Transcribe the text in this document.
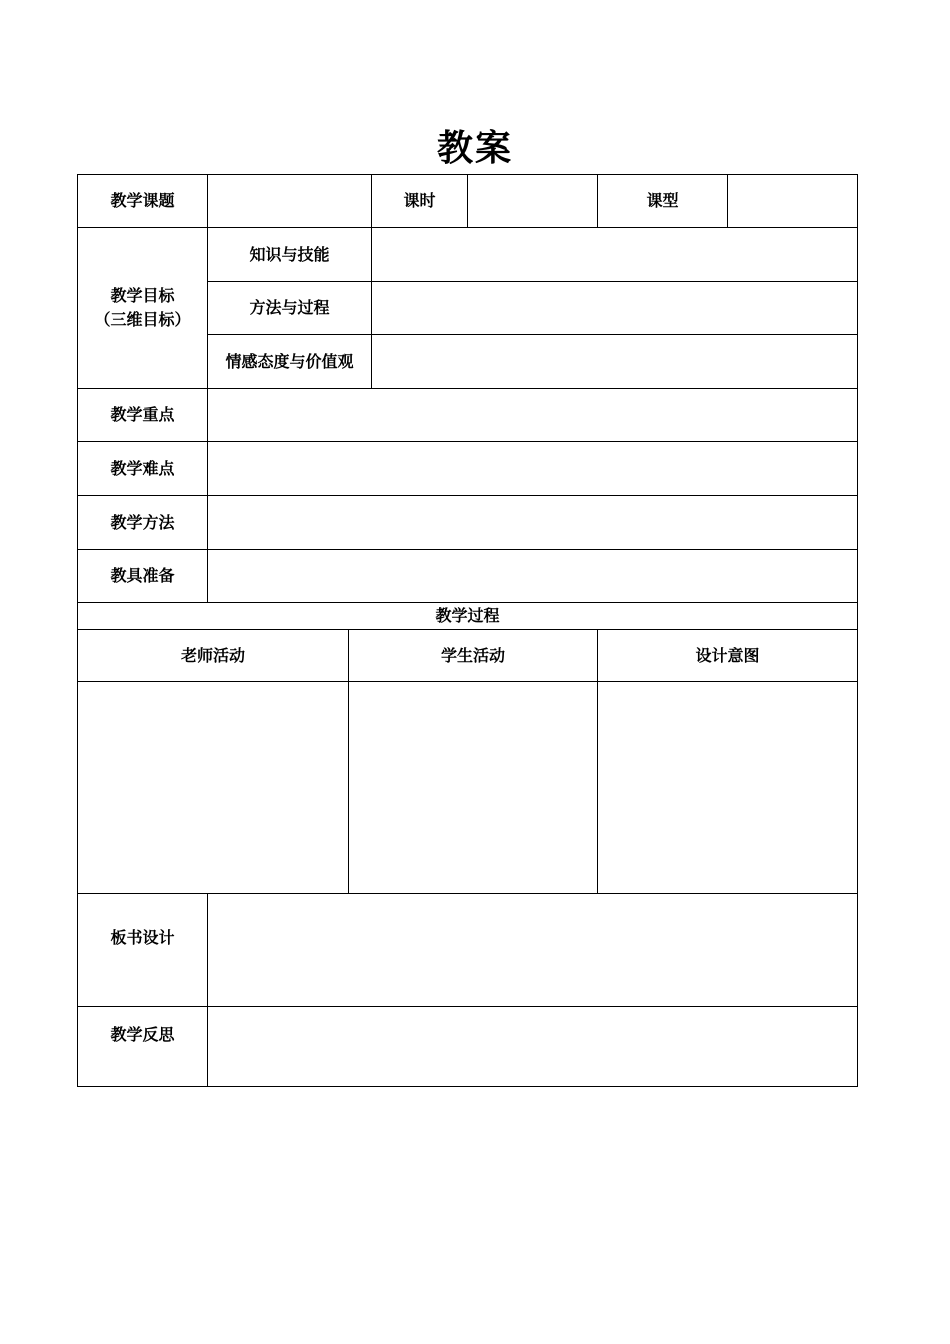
教案
教学课题	课时	课型
教学目标
（三维目标）
知识与技能
方法与过程
情感态度与价值观
教学重点
教学难点
教学方法
教具准备
教学过程
老师活动	学生活动	设计意图
板书设计
教学反思
